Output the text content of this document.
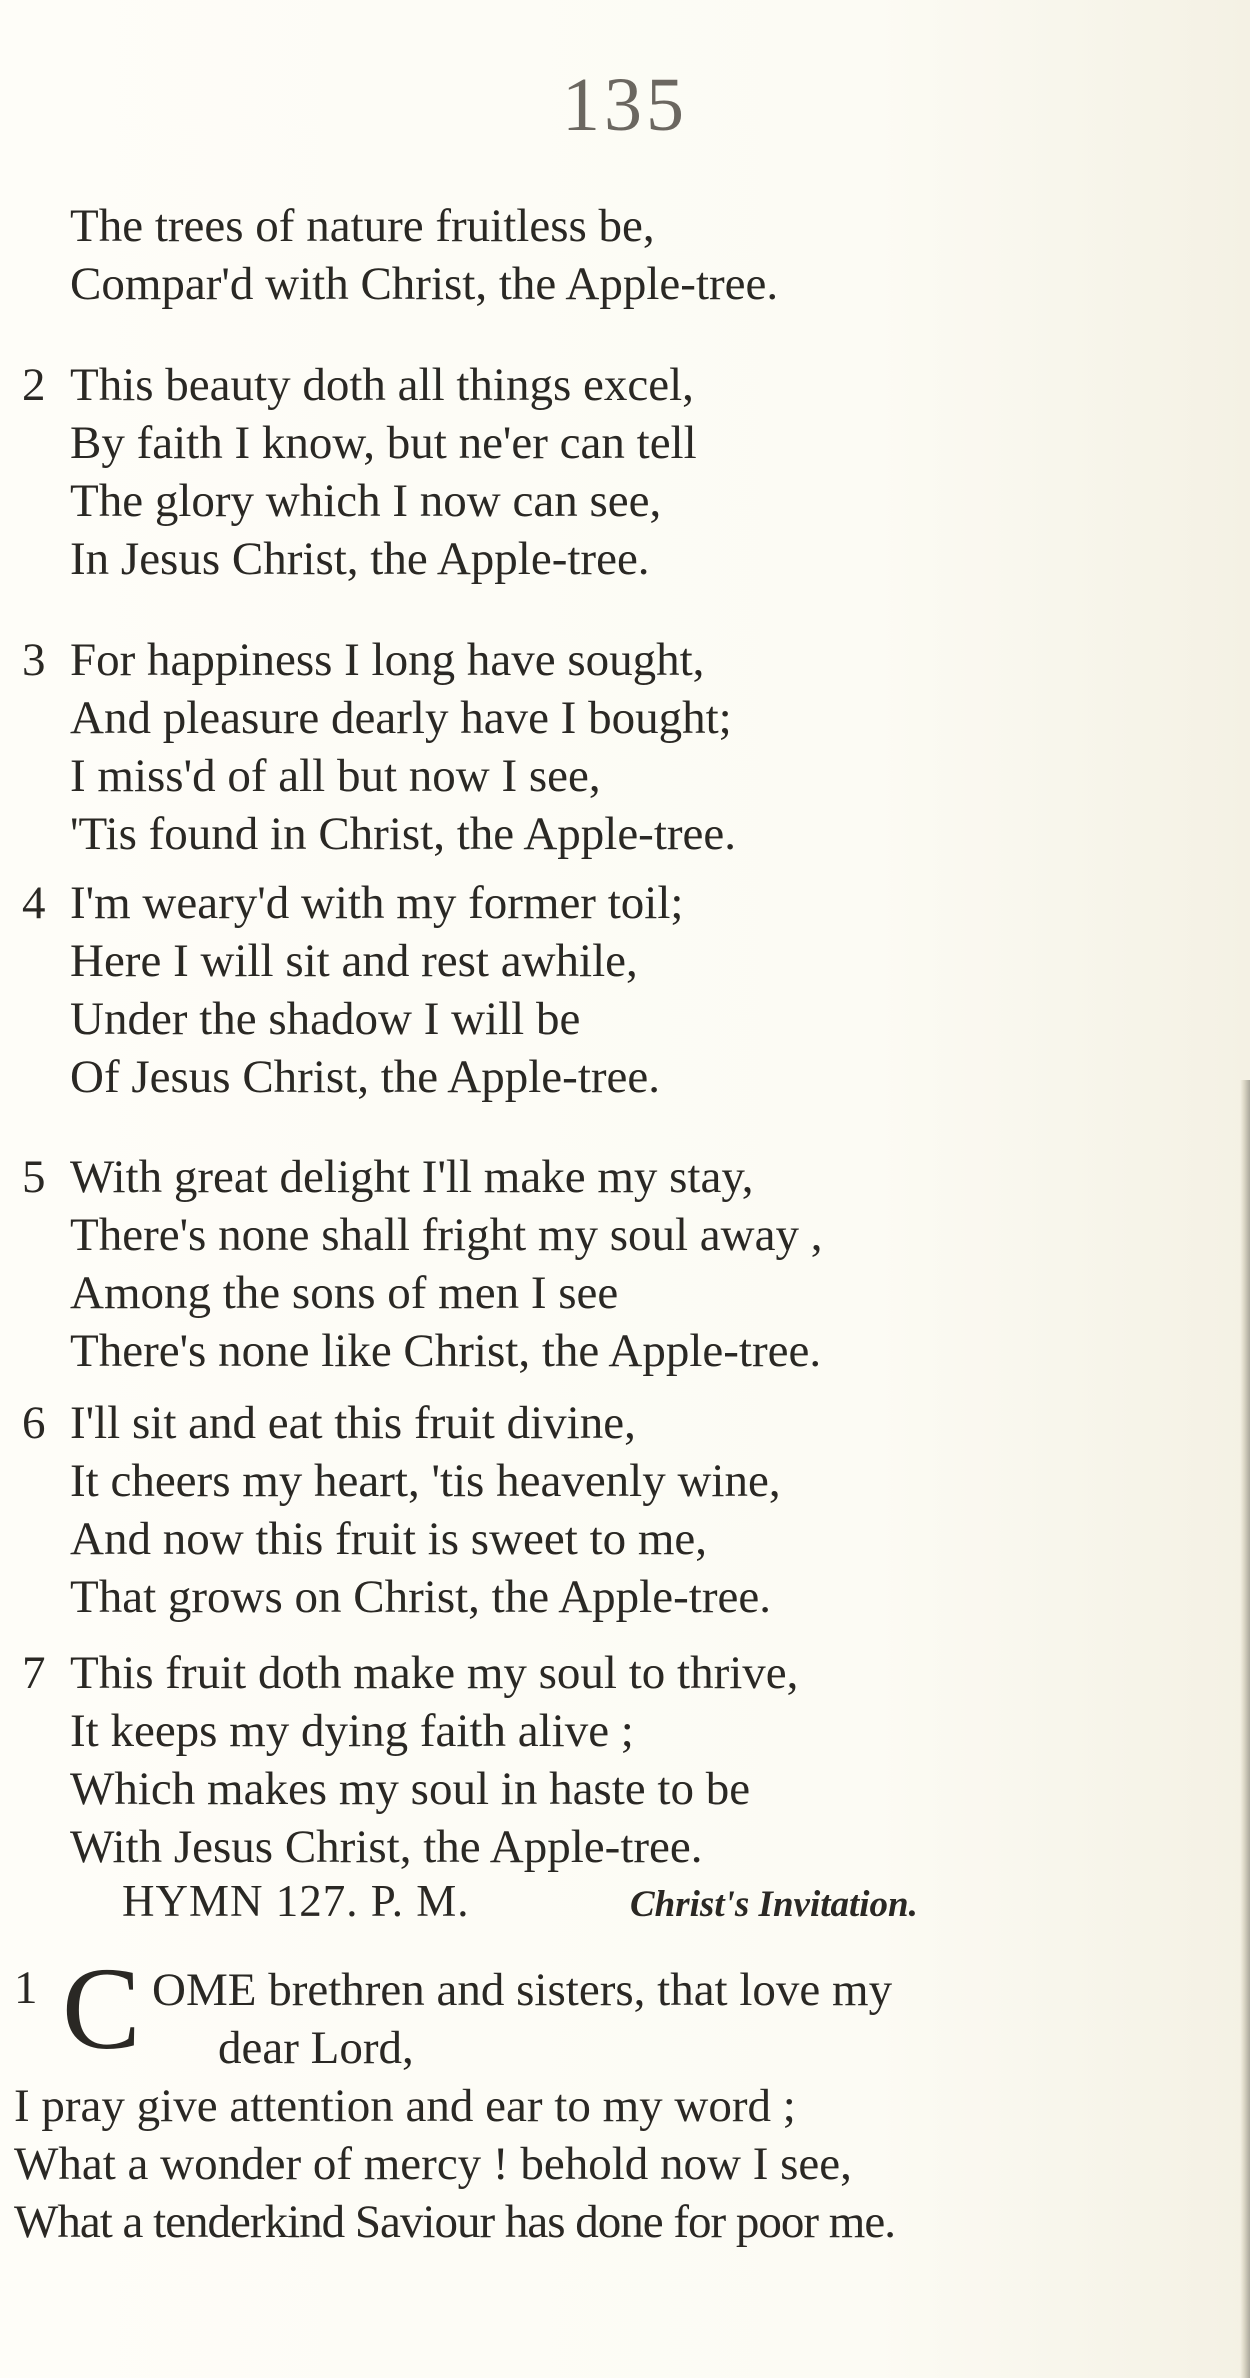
135
The trees of nature fruitless be,
Compar'd with Christ, the Apple-tree.
2 This beauty doth all things excel,
By faith I know, but ne'er can tell
The glory which I now can see,
In Jesus Christ, the Apple-tree.
3 For happiness I long have sought,
And pleasure dearly have I bought;
I miss'd of all but now I see,
'Tis found in Christ, the Apple-tree.
4 I'm weary'd with my former toil;
Here I will sit and rest awhile,
Under the shadow I will be
Of Jesus Christ, the Apple-tree.
5 With great delight I'll make my stay,
There's none shall fright my soul away ,
Among the sons of men I see
There's none like Christ, the Apple-tree.
6 I'll sit and eat this fruit divine,
It cheers my heart, 'tis heavenly wine,
And now this fruit is sweet to me,
That grows on Christ, the Apple-tree.
7 This fruit doth make my soul to thrive,
It keeps my dying faith alive ;
Which makes my soul in haste to be
With Jesus Christ, the Apple-tree.
HYMN 127. P. M.	Christ's Invitation.
1 C OME brethren and sisters, that love my
dear Lord,
I pray give attention and ear to my word ;
What a wonder of mercy ! behold now I see,
What a tenderkind Saviour has done for poor me.
